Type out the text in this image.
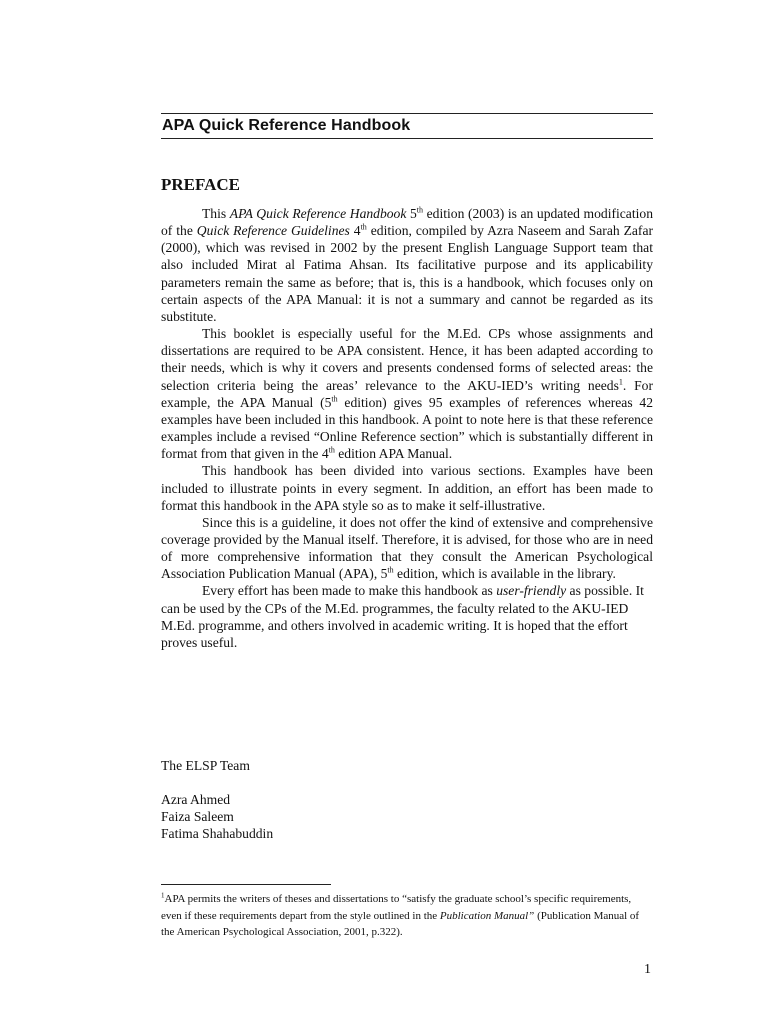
APA Quick Reference Handbook
PREFACE

This APA Quick Reference Handbook 5th edition (2003) is an updated modification of the Quick Reference Guidelines 4th edition, compiled by Azra Naseem and Sarah Zafar (2000), which was revised in 2002 by the present English Language Support team that also included Mirat al Fatima Ahsan. Its facilitative purpose and its applicability parameters remain the same as before; that is, this is a handbook, which focuses only on certain aspects of the APA Manual: it is not a summary and cannot be regarded as its substitute.

This booklet is especially useful for the M.Ed. CPs whose assignments and dissertations are required to be APA consistent. Hence, it has been adapted according to their needs, which is why it covers and presents condensed forms of selected areas: the selection criteria being the areas’ relevance to the AKU-IED’s writing needs$^1$. For example, the APA Manual (5th edition) gives 95 examples of references whereas 42 examples have been included in this handbook. A point to note here is that these reference examples include a revised “Online Reference section” which is substantially different in format from that given in the 4th edition APA Manual.

This handbook has been divided into various sections. Examples have been included to illustrate points in every segment. In addition, an effort has been made to format this handbook in the APA style so as to make it self-illustrative.

Since this is a guideline, it does not offer the kind of extensive and comprehensive coverage provided by the Manual itself. Therefore, it is advised, for those who are in need of more comprehensive information that they consult the American Psychological Association Publication Manual (APA), 5th edition, which is available in the library.

Every effort has been made to make this handbook as user-friendly as possible. It can be used by the CPs of the M.Ed. programmes, the faculty related to the AKU-IED M.Ed. programme, and others involved in academic writing. It is hoped that the effort proves useful.

The ELSP Team
Azra Ahmed
Faiza Saleem
Fatima Shahabuddin
$^1$APA permits the writers of theses and dissertations to “satisfy the graduate school’s specific requirements, even if these requirements depart from the style outlined in the Publication Manual” (Publication Manual of the American Psychological Association, 2001, p.322).
1
